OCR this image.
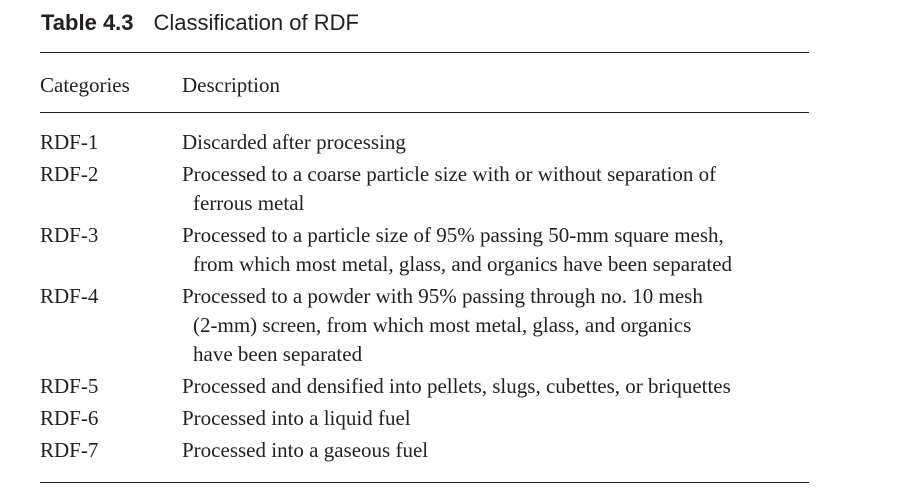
Table 4.3 Classification of RDF
Categories Description
RDF-1	Discarded after processing
RDF-2	Processed to a coarse particle size with or without separation of
ferrous metal
RDF-3	Processed to a particle size of 95% passing 50-mm square mesh,
from which most metal, glass, and organics have been separated
RDF-4	Processed to a powder with 95% passing through no. 10 mesh
(2-mm) screen, from which most metal, glass, and organics
have been separated
RDF-5	Processed and densified into pellets, slugs, cubettes, or briquettes
RDF-6	Processed into a liquid fuel
RDF-7	Processed into a gaseous fuel
